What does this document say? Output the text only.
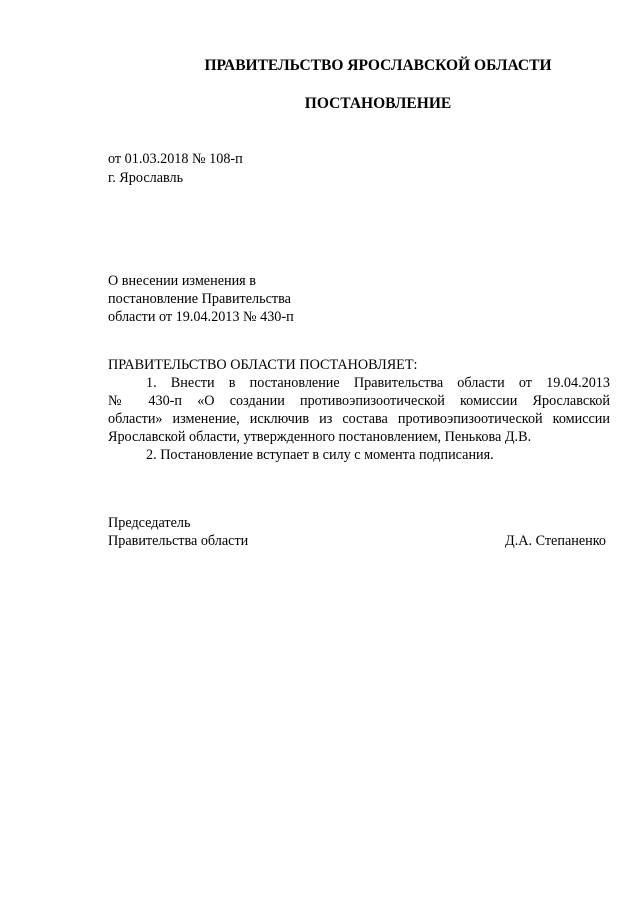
ПРАВИТЕЛЬСТВО ЯРОСЛАВСКОЙ ОБЛАСТИ
ПОСТАНОВЛЕНИЕ
от 01.03.2018 № 108-п
г. Ярославль
О внесении изменения в
постановление Правительства
области от 19.04.2013 № 430-п
ПРАВИТЕЛЬСТВО ОБЛАСТИ ПОСТАНОВЛЯЕТ:
1. Внести в постановление Правительства области от 19.04.2013
№ 430-п «О создании противоэпизоотической комиссии Ярославской
области» изменение, исключив из состава противоэпизоотической комиссии
Ярославской области, утвержденного постановлением, Пенькова Д.В.
2. Постановление вступает в силу с момента подписания.
Председатель
Правительства области	Д.А. Степаненко
